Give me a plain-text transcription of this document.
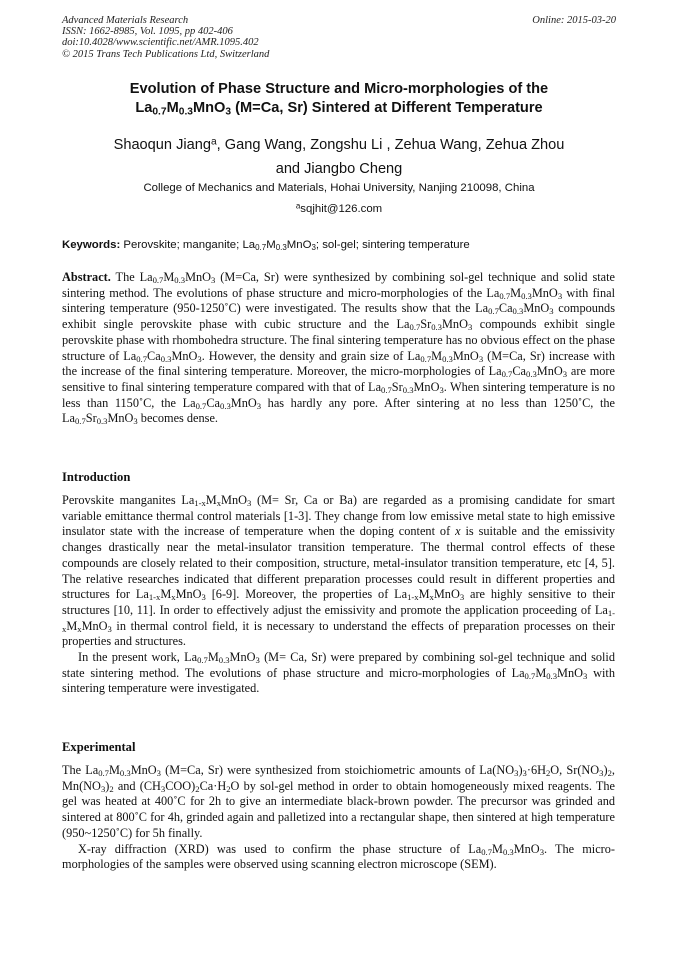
Advanced Materials Research
ISSN: 1662-8985, Vol. 1095, pp 402-406
doi:10.4028/www.scientific.net/AMR.1095.402
© 2015 Trans Tech Publications Ltd, Switzerland
Online: 2015-03-20
Evolution of Phase Structure and Micro-morphologies of the
$La_{0.7}M_{0.3}MnO_3$ (M=Ca, Sr) Sintered at Different Temperature
Shaoqun Jiang$^a$, Gang Wang, Zongshu Li , Zehua Wang, Zehua Zhou
and Jiangbo Cheng
College of Mechanics and Materials, Hohai University, Nanjing 210098, China
$^a$sqjhit@126.com
Keywords: Perovskite; manganite; $La_{0.7}M_{0.3}MnO_3$; sol-gel; sintering temperature

Abstract. The $La_{0.7}M_{0.3}MnO_3$ (M=Ca, Sr) were synthesized by combining sol-gel technique and solid state sintering method. The evolutions of phase structure and micro-morphologies of the $La_{0.7}M_{0.3}MnO_3$ with final sintering temperature (950-1250˚C) were investigated. The results show that the $La_{0.7}Ca_{0.3}MnO_3$ compounds exhibit single perovskite phase with cubic structure and the $La_{0.7}Sr_{0.3}MnO_3$ compounds exhibit single perovskite phase with rhombohedra structure. The final sintering temperature has no obvious effect on the phase structure of $La_{0.7}Ca_{0.3}MnO_3$. However, the density and grain size of $La_{0.7}M_{0.3}MnO_3$ (M=Ca, Sr) increase with the increase of the final sintering temperature. Moreover, the micro-morphologies of $La_{0.7}Ca_{0.3}MnO_3$ are more sensitive to final sintering temperature compared with that of $La_{0.7}Sr_{0.3}MnO_3$. When sintering temperature is no less than 1150˚C, the $La_{0.7}Ca_{0.3}MnO_3$ has hardly any pore. After sintering at no less than 1250˚C, the $La_{0.7}Sr_{0.3}MnO_3$ becomes dense.

Introduction

Perovskite manganites $La_{1-x}M_xMnO_3$ (M= Sr, Ca or Ba) are regarded as a promising candidate for smart variable emittance thermal control materials [1-3]. They change from low emissive metal state to high emissive insulator state with the increase of temperature when the doping content of x is suitable and the emissivity changes drastically near the metal-insulator transition temperature. The thermal control effects of these compounds are closely related to their composition, structure, metal-insulator transition temperature, etc [4, 5]. The relative researches indicated that different preparation processes could result in different properties and structures for $La_{1-x}M_xMnO_3$ [6-9]. Moreover, the properties of $La_{1-x}M_xMnO_3$ are highly sensitive to their structures [10, 11]. In order to effectively adjust the emissivity and promote the application proceeding of $La_{1-x}M_xMnO_3$ in thermal control field, it is necessary to understand the effects of preparation processes on their properties and structures.

In the present work, $La_{0.7}M_{0.3}MnO_3$ (M= Ca, Sr) were prepared by combining sol-gel technique and solid state sintering method. The evolutions of phase structure and micro-morphologies of $La_{0.7}M_{0.3}MnO_3$ with sintering temperature were investigated.

Experimental

The $La_{0.7}M_{0.3}MnO_3$ (M=Ca, Sr) were synthesized from stoichiometric amounts of $La(NO_3)_3\cdot 6H_2O$, $Sr(NO_3)_2$, $Mn(NO_3)_2$ and $(CH_3COO)_2Ca\cdot H_2O$ by sol-gel method in order to obtain homogeneously mixed reagents. The gel was heated at 400˚C for 2h to give an intermediate black-brown powder. The precursor was grinded and sintered at 800˚C for 4h, grinded again and palletized into a rectangular shape, then sintered at high temperature (950~1250˚C) for 5h finally.

X-ray diffraction (XRD) was used to confirm the phase structure of $La_{0.7}M_{0.3}MnO_3$. The micro-morphologies of the samples were observed using scanning electron microscope (SEM).
